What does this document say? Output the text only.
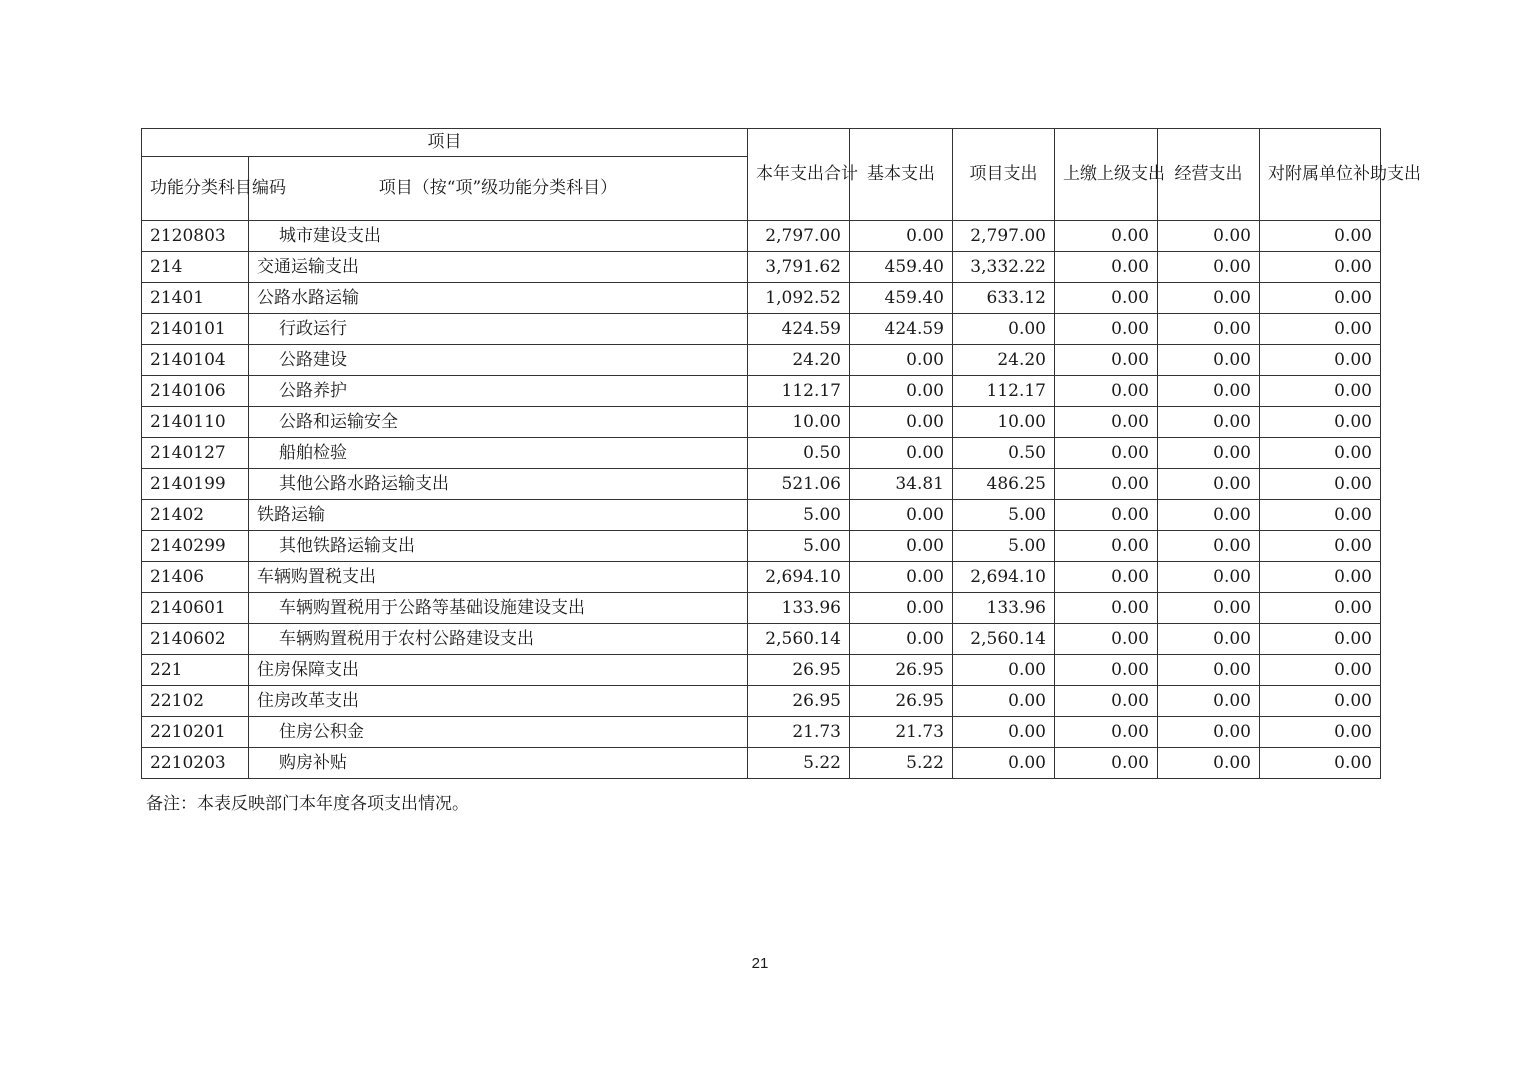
项目		本年支出合计	基本支出	项目支出	上缴上级支出	经营支出	对附属单位补助支出
功能分类科目编码	项目（按“项”级功能分类科目）						
2120803	城市建设支出	2,797.00	0.00	2,797.00	0.00	0.00	0.00
214	交通运输支出	3,791.62	459.40	3,332.22	0.00	0.00	0.00
21401	公路水路运输	1,092.52	459.40	633.12	0.00	0.00	0.00
2140101	行政运行	424.59	424.59	0.00	0.00	0.00	0.00
2140104	公路建设	24.20	0.00	24.20	0.00	0.00	0.00
2140106	公路养护	112.17	0.00	112.17	0.00	0.00	0.00
2140110	公路和运输安全	10.00	0.00	10.00	0.00	0.00	0.00
2140127	船舶检验	0.50	0.00	0.50	0.00	0.00	0.00
2140199	其他公路水路运输支出	521.06	34.81	486.25	0.00	0.00	0.00
21402	铁路运输	5.00	0.00	5.00	0.00	0.00	0.00
2140299	其他铁路运输支出	5.00	0.00	5.00	0.00	0.00	0.00
21406	车辆购置税支出	2,694.10	0.00	2,694.10	0.00	0.00	0.00
2140601	车辆购置税用于公路等基础设施建设支出	133.96	0.00	133.96	0.00	0.00	0.00
2140602	车辆购置税用于农村公路建设支出	2,560.14	0.00	2,560.14	0.00	0.00	0.00
221	住房保障支出	26.95	26.95	0.00	0.00	0.00	0.00
22102	住房改革支出	26.95	26.95	0.00	0.00	0.00	0.00
2210201	住房公积金	21.73	21.73	0.00	0.00	0.00	0.00
2210203	购房补贴	5.22	5.22	0.00	0.00	0.00	0.00
备注：本表反映部门本年度各项支出情况。
21
